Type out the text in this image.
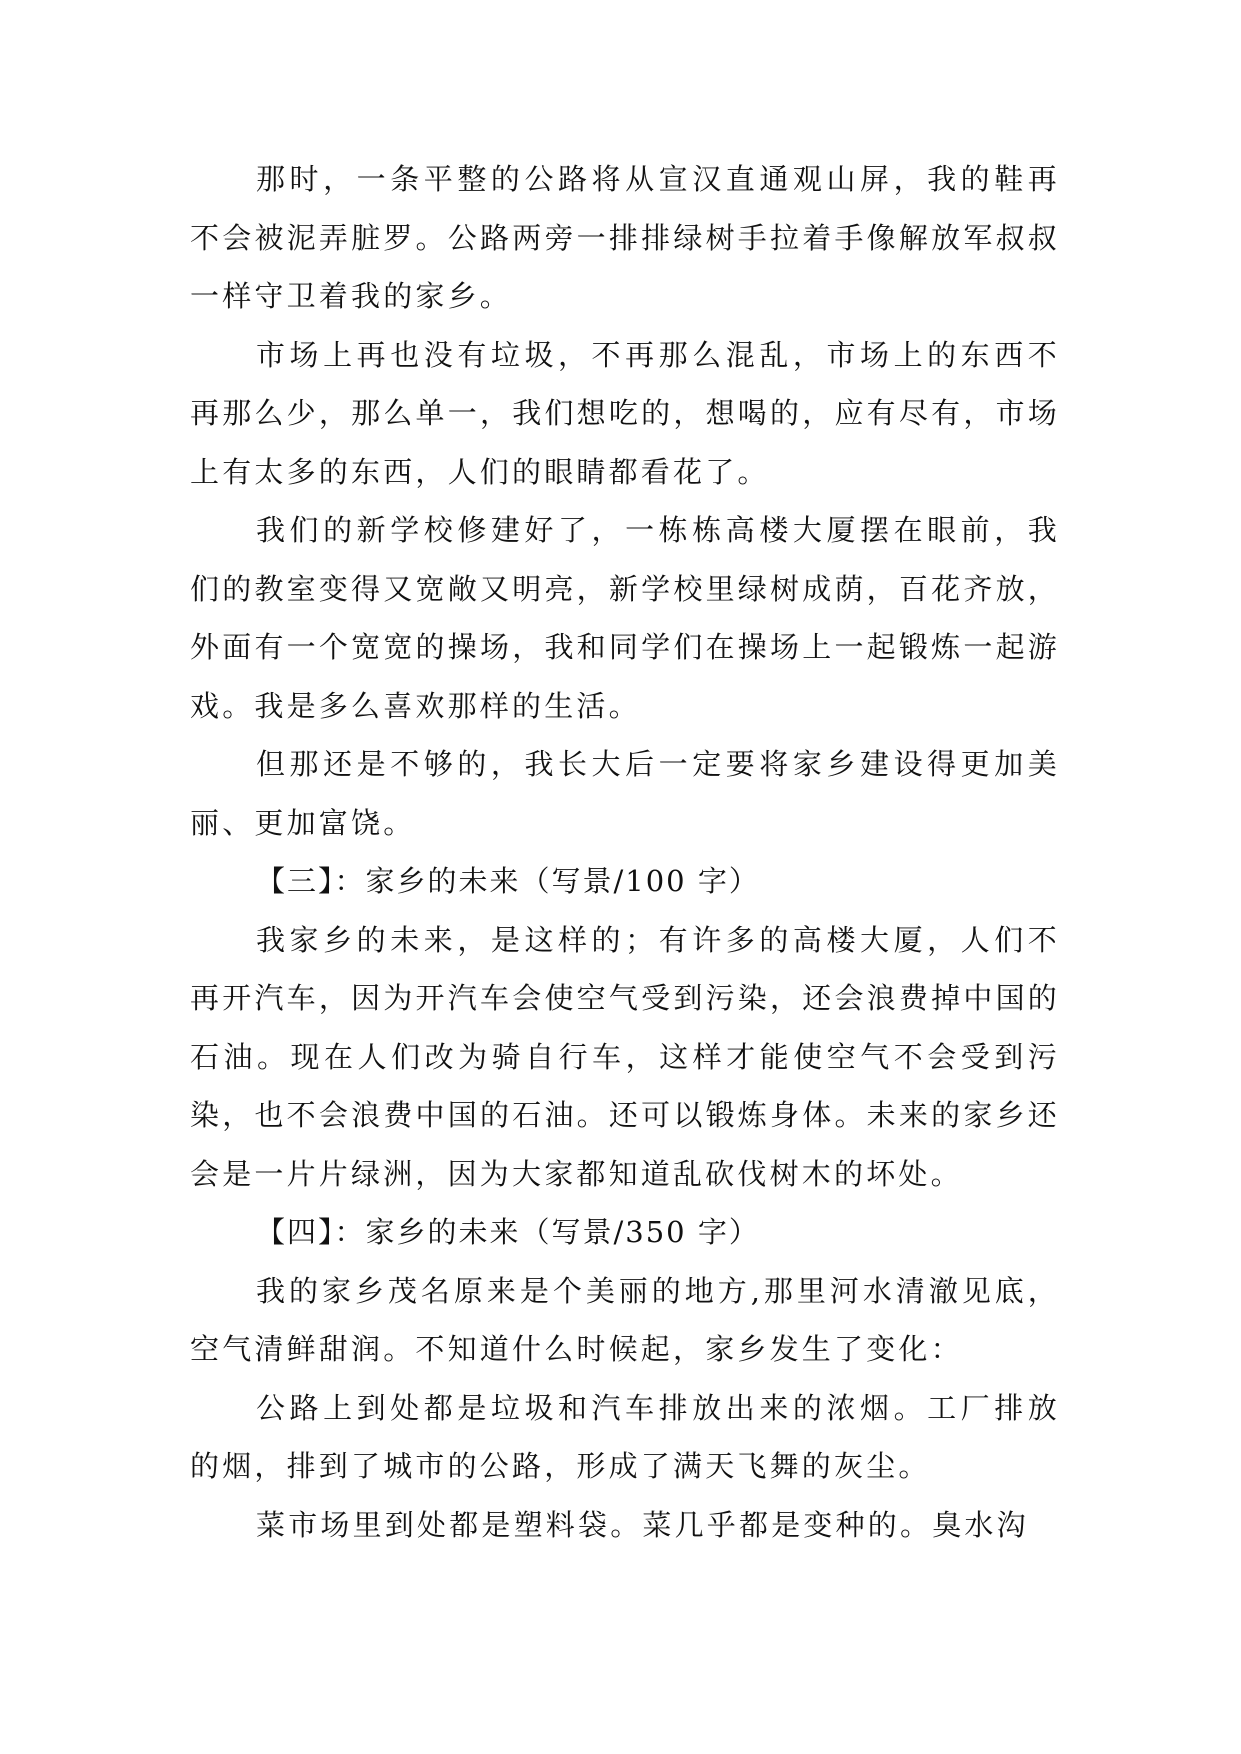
那时，一条平整的公路将从宣汉直通观山屏，我的鞋再不会被泥弄脏罗。公路两旁一排排绿树手拉着手像解放军叔叔一样守卫着我的家乡。

市场上再也没有垃圾，不再那么混乱，市场上的东西不再那么少，那么单一，我们想吃的，想喝的，应有尽有，市场上有太多的东西，人们的眼睛都看花了。

我们的新学校修建好了，一栋栋高楼大厦摆在眼前，我们的教室变得又宽敞又明亮，新学校里绿树成荫，百花齐放，外面有一个宽宽的操场，我和同学们在操场上一起锻炼一起游戏。我是多么喜欢那样的生活。

但那还是不够的，我长大后一定要将家乡建设得更加美丽、更加富饶。

【三】：家乡的未来（写景/100 字）

我家乡的未来，是这样的；有许多的高楼大厦，人们不再开汽车，因为开汽车会使空气受到污染，还会浪费掉中国的石油。现在人们改为骑自行车，这样才能使空气不会受到污染，也不会浪费中国的石油。还可以锻炼身体。未来的家乡还会是一片片绿洲，因为大家都知道乱砍伐树木的坏处。

【四】：家乡的未来（写景/350 字）

我的家乡茂名原来是个美丽的地方,那里河水清澈见底，空气清鲜甜润。不知道什么时候起，家乡发生了变化：

公路上到处都是垃圾和汽车排放出来的浓烟。工厂排放的烟，排到了城市的公路，形成了满天飞舞的灰尘。

菜市场里到处都是塑料袋。菜几乎都是变种的。臭水沟
